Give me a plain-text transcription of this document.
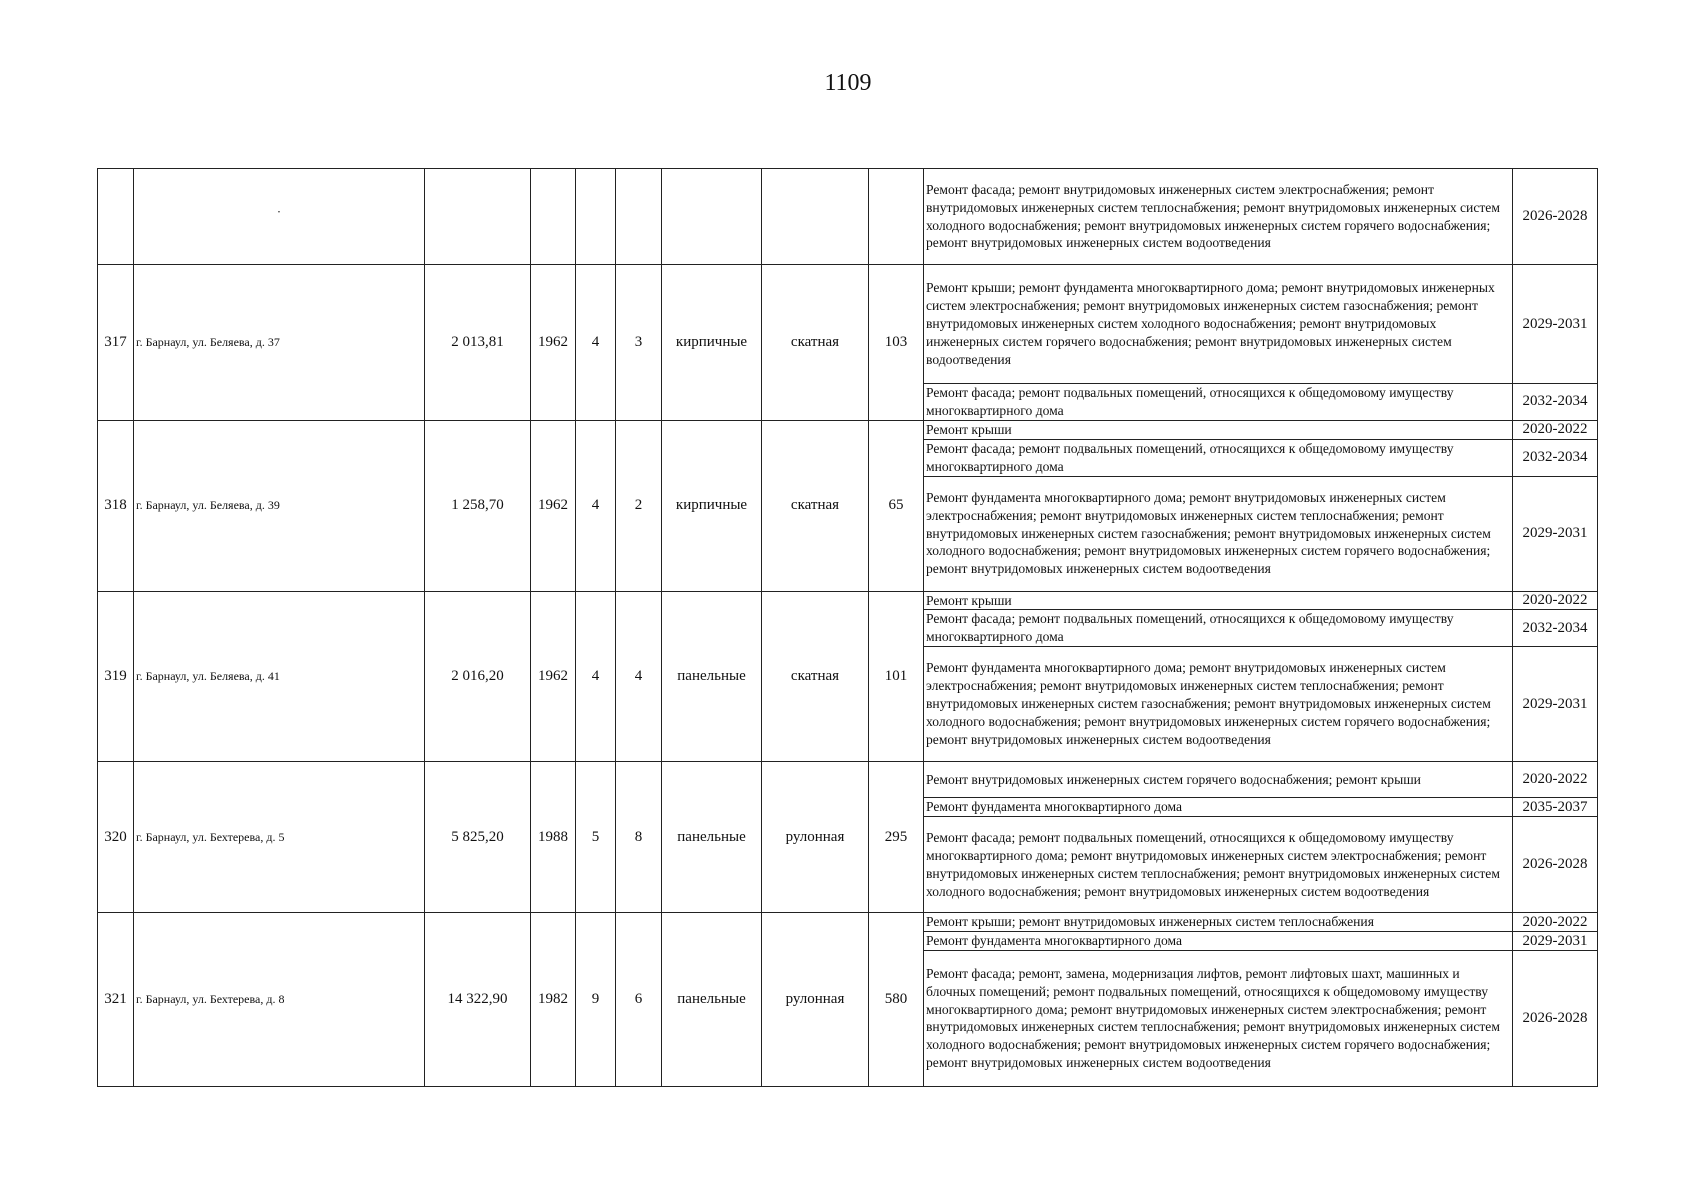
1109
	˙								Ремонт фасада; ремонт внутридомовых инженерных систем электроснабжения; ремонт внутридомовых инженерных систем теплоснабжения; ремонт внутридомовых инженерных систем холодного водоснабжения; ремонт внутридомовых инженерных систем горячего водоснабжения; ремонт внутридомовых инженерных систем водоотведения	2026-2028
317	г. Барнаул, ул. Беляева, д. 37	2 013,81	1962	4	3	кирпичные	скатная	103	Ремонт крыши; ремонт фундамента многоквартирного дома; ремонт внутридомовых инженерных систем электроснабжения; ремонт внутридомовых инженерных систем газоснабжения; ремонт внутридомовых инженерных систем холодного водоснабжения; ремонт внутридомовых инженерных систем горячего водоснабжения; ремонт внутридомовых инженерных систем водоотведения	2029-2031
									Ремонт фасада; ремонт подвальных помещений, относящихся к общедомовому имуществу многоквартирного дома	2032-2034
318	г. Барнаул, ул. Беляева, д. 39	1 258,70	1962	4	2	кирпичные	скатная	65	Ремонт крыши	2020-2022
									Ремонт фасада; ремонт подвальных помещений, относящихся к общедомовому имуществу многоквартирного дома	2032-2034
									Ремонт фундамента многоквартирного дома; ремонт внутридомовых инженерных систем электроснабжения; ремонт внутридомовых инженерных систем теплоснабжения; ремонт внутридомовых инженерных систем газоснабжения; ремонт внутридомовых инженерных систем холодного водоснабжения; ремонт внутридомовых инженерных систем горячего водоснабжения; ремонт внутридомовых инженерных систем водоотведения	2029-2031
319	г. Барнаул, ул. Беляева, д. 41	2 016,20	1962	4	4	панельные	скатная	101	Ремонт крыши	2020-2022
									Ремонт фасада; ремонт подвальных помещений, относящихся к общедомовому имуществу многоквартирного дома	2032-2034
									Ремонт фундамента многоквартирного дома; ремонт внутридомовых инженерных систем электроснабжения; ремонт внутридомовых инженерных систем теплоснабжения; ремонт внутридомовых инженерных систем газоснабжения; ремонт внутридомовых инженерных систем холодного водоснабжения; ремонт внутридомовых инженерных систем горячего водоснабжения; ремонт внутридомовых инженерных систем водоотведения	2029-2031
320	г. Барнаул, ул. Бехтерева, д. 5	5 825,20	1988	5	8	панельные	рулонная	295	Ремонт внутридомовых инженерных систем горячего водоснабжения; ремонт крыши	2020-2022
									Ремонт фундамента многоквартирного дома	2035-2037
									Ремонт фасада; ремонт подвальных помещений, относящихся к общедомовому имуществу многоквартирного дома; ремонт внутридомовых инженерных систем электроснабжения; ремонт внутридомовых инженерных систем теплоснабжения; ремонт внутридомовых инженерных систем холодного водоснабжения; ремонт внутридомовых инженерных систем водоотведения	2026-2028
321	г. Барнаул, ул. Бехтерева, д. 8	14 322,90	1982	9	6	панельные	рулонная	580	Ремонт крыши; ремонт внутридомовых инженерных систем теплоснабжения	2020-2022
									Ремонт фундамента многоквартирного дома	2029-2031
									Ремонт фасада; ремонт, замена, модернизация лифтов, ремонт лифтовых шахт, машинных и блочных помещений; ремонт подвальных помещений, относящихся к общедомовому имуществу многоквартирного дома; ремонт внутридомовых инженерных систем электроснабжения; ремонт внутридомовых инженерных систем теплоснабжения; ремонт внутридомовых инженерных систем холодного водоснабжения; ремонт внутридомовых инженерных систем горячего водоснабжения; ремонт внутридомовых инженерных систем водоотведения	2026-2028
